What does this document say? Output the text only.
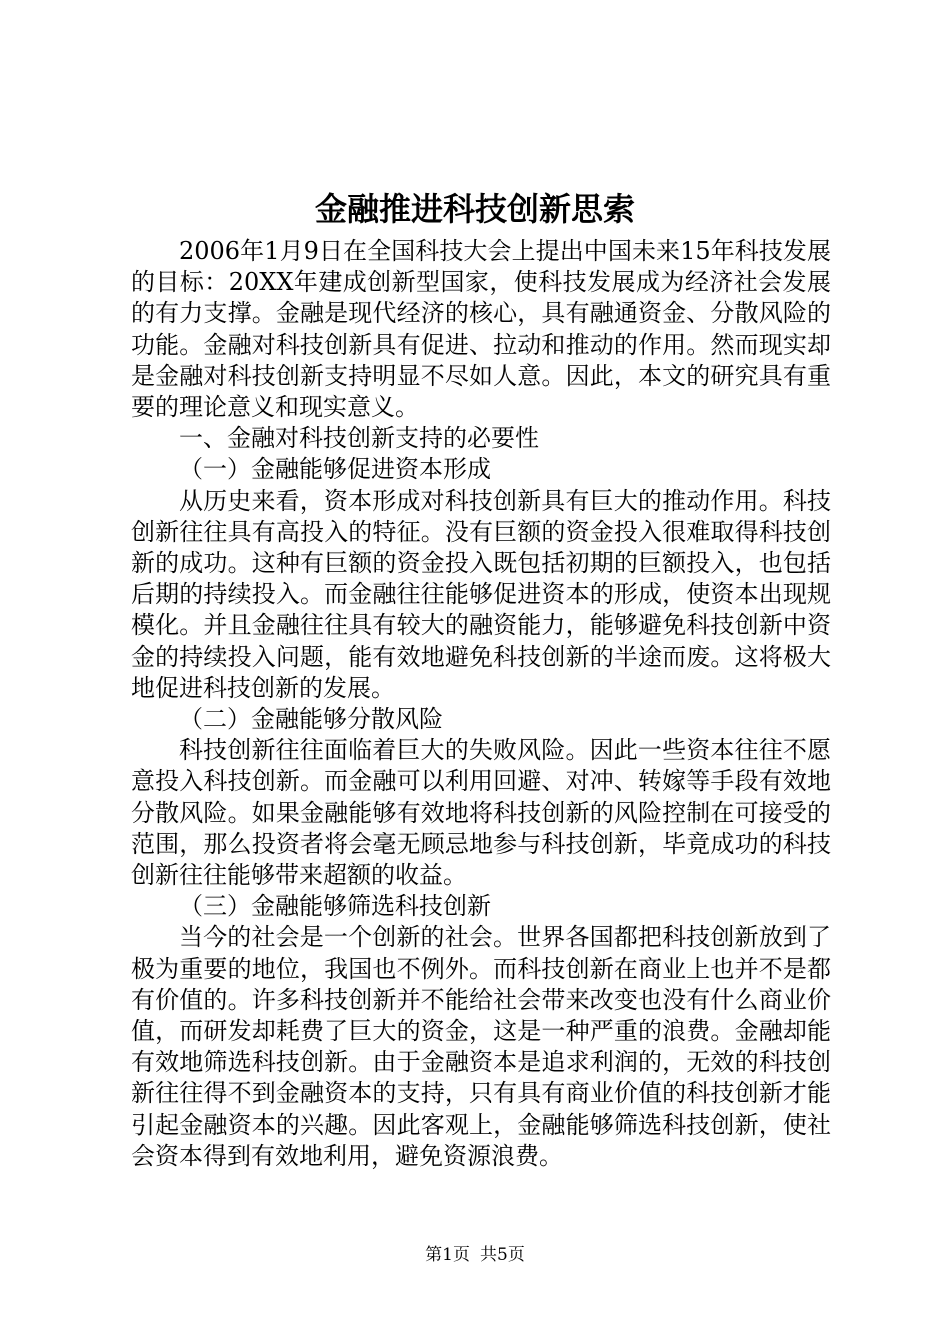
金融推进科技创新思索

2006年1月9日在全国科技大会上提出中国未来15年科技发展的目标：20XX年建成创新型国家，使科技发展成为经济社会发展的有力支撑。金融是现代经济的核心，具有融通资金、分散风险的功能。金融对科技创新具有促进、拉动和推动的作用。然而现实却是金融对科技创新支持明显不尽如人意。因此，本文的研究具有重要的理论意义和现实意义。

一、金融对科技创新支持的必要性

（一）金融能够促进资本形成

从历史来看，资本形成对科技创新具有巨大的推动作用。科技创新往往具有高投入的特征。没有巨额的资金投入很难取得科技创新的成功。这种有巨额的资金投入既包括初期的巨额投入，也包括后期的持续投入。而金融往往能够促进资本的形成，使资本出现规模化。并且金融往往具有较大的融资能力，能够避免科技创新中资金的持续投入问题，能有效地避免科技创新的半途而废。这将极大地促进科技创新的发展。

（二）金融能够分散风险

科技创新往往面临着巨大的失败风险。因此一些资本往往不愿意投入科技创新。而金融可以利用回避、对冲、转嫁等手段有效地分散风险。如果金融能够有效地将科技创新的风险控制在可接受的范围，那么投资者将会毫无顾忌地参与科技创新，毕竟成功的科技创新往往能够带来超额的收益。

（三）金融能够筛选科技创新

当今的社会是一个创新的社会。世界各国都把科技创新放到了极为重要的地位，我国也不例外。而科技创新在商业上也并不是都有价值的。许多科技创新并不能给社会带来改变也没有什么商业价值，而研发却耗费了巨大的资金，这是一种严重的浪费。金融却能有效地筛选科技创新。由于金融资本是追求利润的，无效的科技创新往往得不到金融资本的支持，只有具有商业价值的科技创新才能引起金融资本的兴趣。因此客观上，金融能够筛选科技创新，使社会资本得到有效地利用，避免资源浪费。

第1页 共5页
